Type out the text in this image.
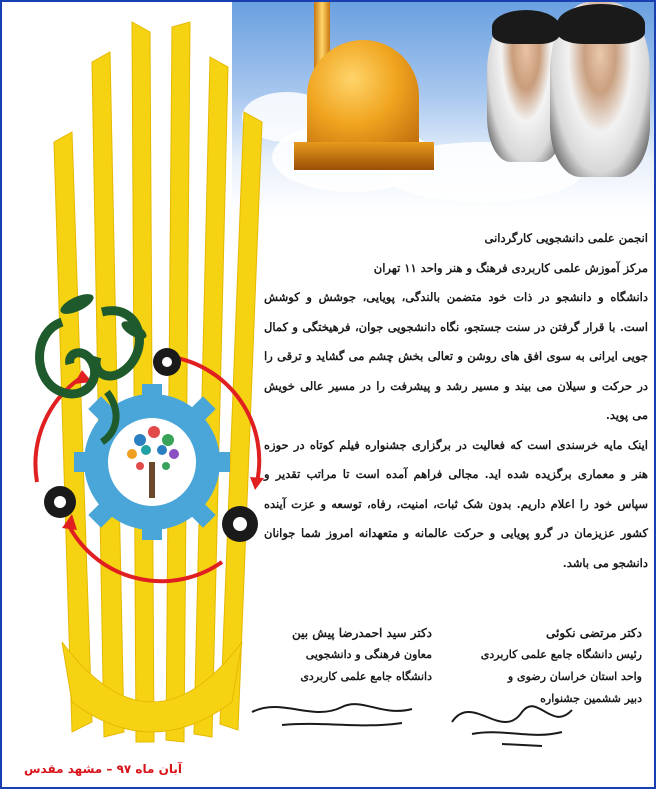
انجمن علمی دانشجویی کارگردانی

مرکز آموزش علمی کاربردی فرهنگ و هنر واحد ۱۱ تهران

دانشگاه و دانشجو در ذات خود متضمن بالندگی، پویایی، جوشش و کوشش است. با قرار گرفتن در سنت جستجو، نگاه دانشجویی جوان، فرهیختگی و کمال جویی ایرانی به سوی افق های روشن و تعالی بخش چشم می گشاید و ترقی را در حرکت و سیلان می بیند و مسیر رشد و پیشرفت را در مسیر عالی خویش می پوید.

اینک مایه خرسندی است که فعالیت در برگزاری جشنواره فیلم کوتاه در حوزه هنر و معماری برگزیده شده اید. مجالی فراهم آمده است تا مراتب تقدیر و سپاس خود را اعلام داریم. بدون شک ثبات، امنیت، رفاه، توسعه و عزت آینده کشور عزیزمان در گرو پویایی و حرکت عالمانه و متعهدانه امروز شما جوانان دانشجو می باشد.

دکتر مرتضی نکوئی
رئیس دانشگاه جامع علمی کاربردی
واحد استان خراسان رضوی و
دبیر ششمین جشنواره
دکتر سید احمدرضا پیش بین
معاون فرهنگی و دانشجویی
دانشگاه جامع علمی کاربردی
آبان ماه ۹۷ – مشهد مقدس
